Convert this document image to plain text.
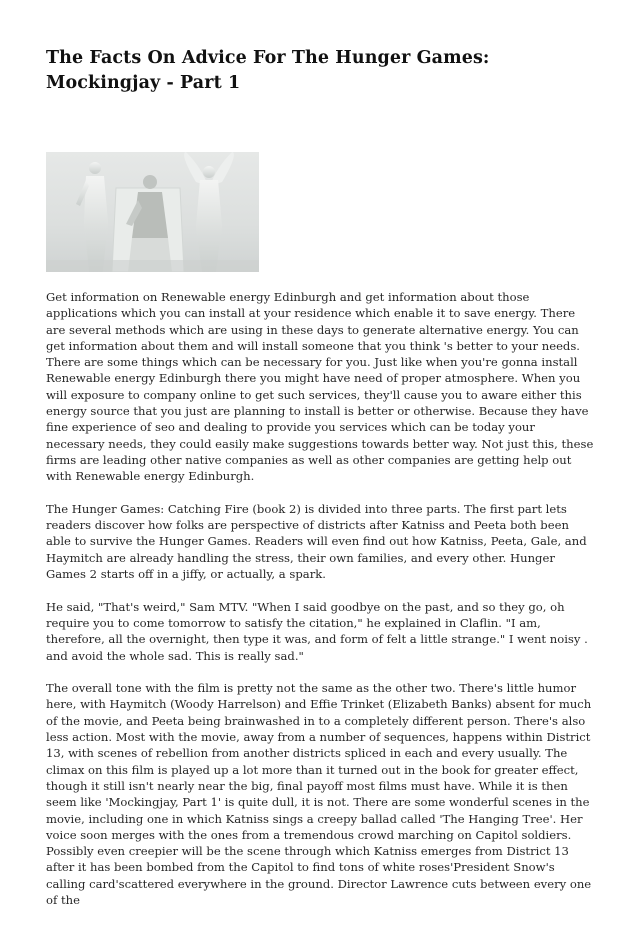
The Facts On Advice For The Hunger Games: Mockingjay - Part 1

Get information on Renewable energy Edinburgh and get information about those applications which you can install at your residence which enable it to save energy. There are several methods which are using in these days to generate alternative energy. You can get information about them and will install someone that you think 's better to your needs. There are some things which can be necessary for you. Just like when you're gonna install Renewable energy Edinburgh there you might have need of proper atmosphere. When you will exposure to company online to get such services, they'll cause you to aware either this energy source that you just are planning to install is better or otherwise. Because they have fine experience of seo and dealing to provide you services which can be today your necessary needs, they could easily make suggestions towards better way. Not just this, these firms are leading other native companies as well as other companies are getting help out with Renewable energy Edinburgh.

The Hunger Games: Catching Fire (book 2) is divided into three parts. The first part lets readers discover how folks are perspective of districts after Katniss and Peeta both been able to survive the Hunger Games. Readers will even find out how Katniss, Peeta, Gale, and Haymitch are already handling the stress, their own families, and every other. Hunger Games 2 starts off in a jiffy, or actually, a spark.

He said, "That's weird," Sam MTV. "When I said goodbye on the past, and so they go, oh require you to come tomorrow to satisfy the citation," he explained in Claflin. "I am, therefore, all the overnight, then type it was, and form of felt a little strange." I went noisy . and avoid the whole sad. This is really sad."

The overall tone with the film is pretty not the same as the other two. There's little humor here, with Haymitch (Woody Harrelson) and Effie Trinket (Elizabeth Banks) absent for much of the movie, and Peeta being brainwashed in to a completely different person. There's also less action. Most with the movie, away from a number of sequences, happens within District 13, with scenes of rebellion from another districts spliced in each and every usually. The climax on this film is played up a lot more than it turned out in the book for greater effect, though it still isn't nearly near the big, final payoff most films must have. While it is then seem like 'Mockingjay, Part 1' is quite dull, it is not. There are some wonderful scenes in the movie, including one in which Katniss sings a creepy ballad called 'The Hanging Tree'. Her voice soon merges with the ones from a tremendous crowd marching on Capitol soldiers. Possibly even creepier will be the scene through which Katniss emerges from District 13 after it has been bombed from the Capitol to find tons of white roses'President Snow's calling card'scattered everywhere in the ground. Director Lawrence cuts between every one of the
